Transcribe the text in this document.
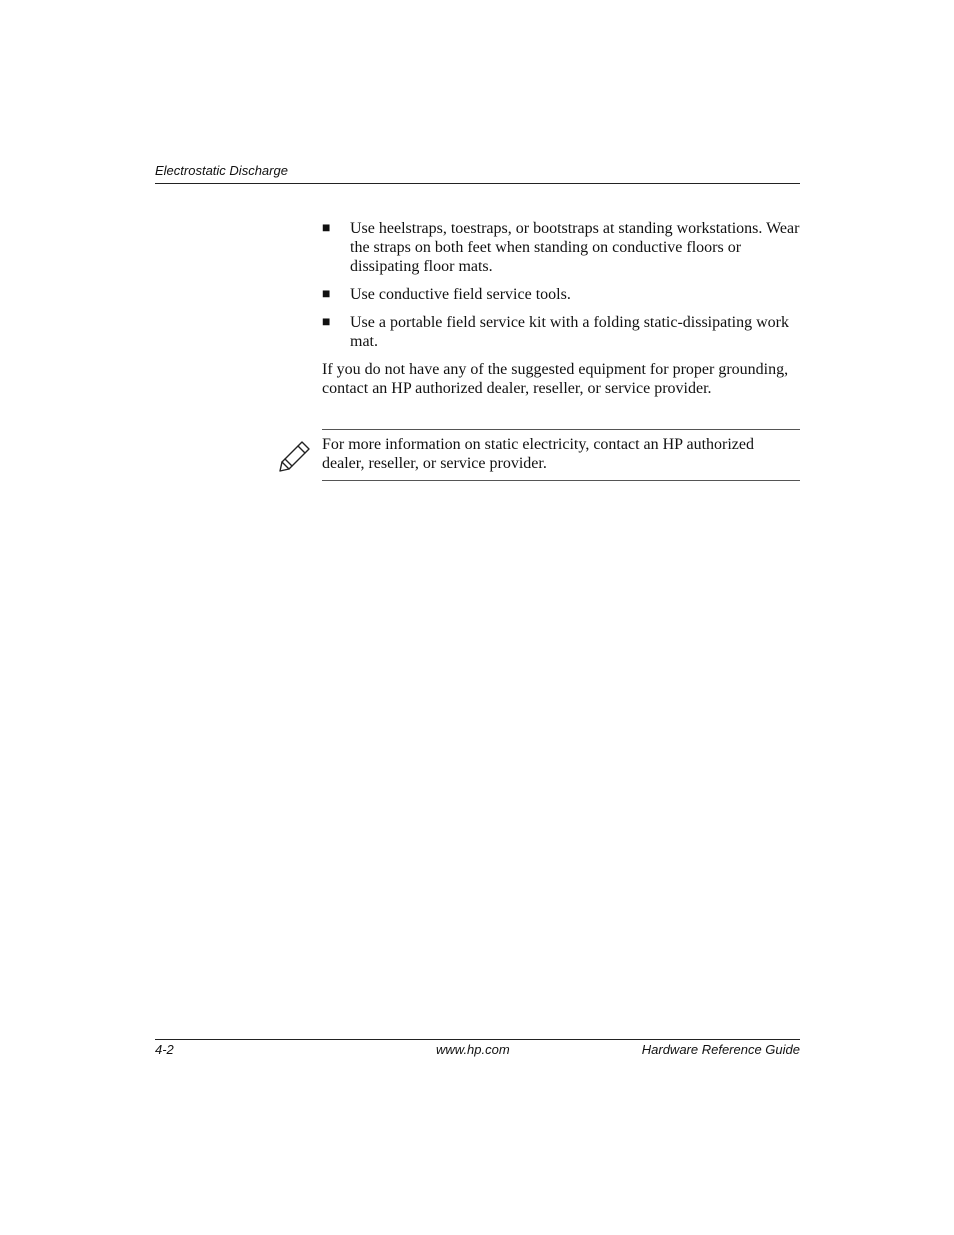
Electrostatic Discharge
■	Use heelstraps, toestraps, or bootstraps at standing workstations. Wear the straps on both feet when standing on conductive floors or dissipating floor mats.
■	Use conductive field service tools.
■	Use a portable field service kit with a folding static-dissipating work mat.

If you do not have any of the suggested equipment for proper grounding, contact an HP authorized dealer, reseller, or service provider.

For more information on static electricity, contact an HP authorized dealer, reseller, or service provider.
4-2	www.hp.com	Hardware Reference Guide
